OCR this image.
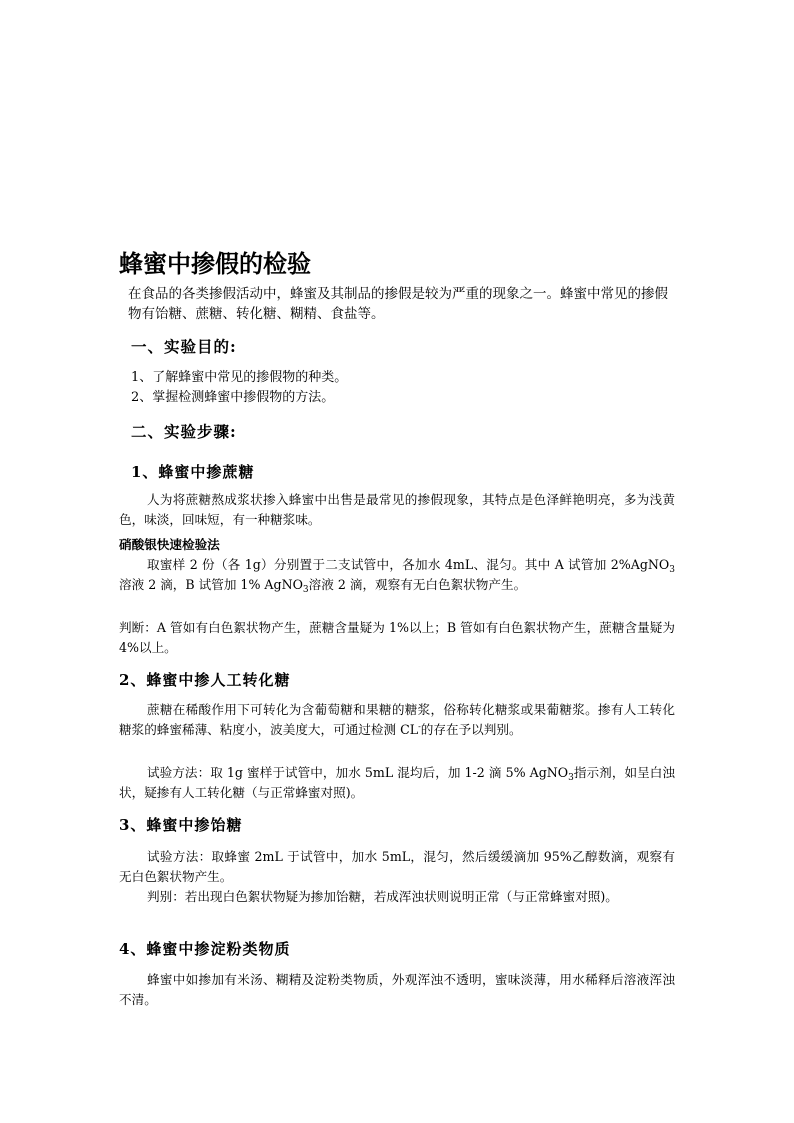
蜂蜜中掺假的检验

在食品的各类掺假活动中，蜂蜜及其制品的掺假是较为严重的现象之一。蜂蜜中常见的掺假物有饴糖、蔗糖、转化糖、糊精、食盐等。

一、实验目的:

1、了解蜂蜜中常见的掺假物的种类。

2、掌握检测蜂蜜中掺假物的方法。

二、实验步骤:
1、蜂蜜中掺蔗糖

人为将蔗糖熬成浆状掺入蜂蜜中出售是最常见的掺假现象，其特点是色泽鲜艳明亮，多为浅黄色，味淡，回味短，有一种糖浆味。

硝酸银快速检验法

取蜜样 2 份（各 1g）分别置于二支试管中，各加水 4mL、混匀。其中 A 试管加 2%AgNO$_3$溶液 2 滴，B 试管加 1% AgNO$_3$溶液 2 滴，观察有无白色絮状物产生。

判断：A 管如有白色絮状物产生，蔗糖含量疑为 1%以上；B 管如有白色絮状物产生，蔗糖含量疑为 4%以上。

2、蜂蜜中掺人工转化糖

蔗糖在稀酸作用下可转化为含葡萄糖和果糖的糖浆，俗称转化糖浆或果葡糖浆。掺有人工转化糖浆的蜂蜜稀薄、粘度小，波美度大，可通过检测 CL-的存在予以判别。

试验方法：取 1g 蜜样于试管中，加水 5mL 混均后，加 1-2 滴 5% AgNO$_3$指示剂，如呈白浊状，疑掺有人工转化糖（与正常蜂蜜对照)。

3、蜂蜜中掺饴糖

试验方法：取蜂蜜 2mL 于试管中，加水 5mL，混匀，然后缓缓滴加 95%乙醇数滴，观察有无白色絮状物产生。

判别：若出现白色絮状物疑为掺加饴糖，若成浑浊状则说明正常（与正常蜂蜜对照)。

4、蜂蜜中掺淀粉类物质

蜂蜜中如掺加有米汤、糊精及淀粉类物质，外观浑浊不透明，蜜味淡薄，用水稀释后溶液浑浊不清。
